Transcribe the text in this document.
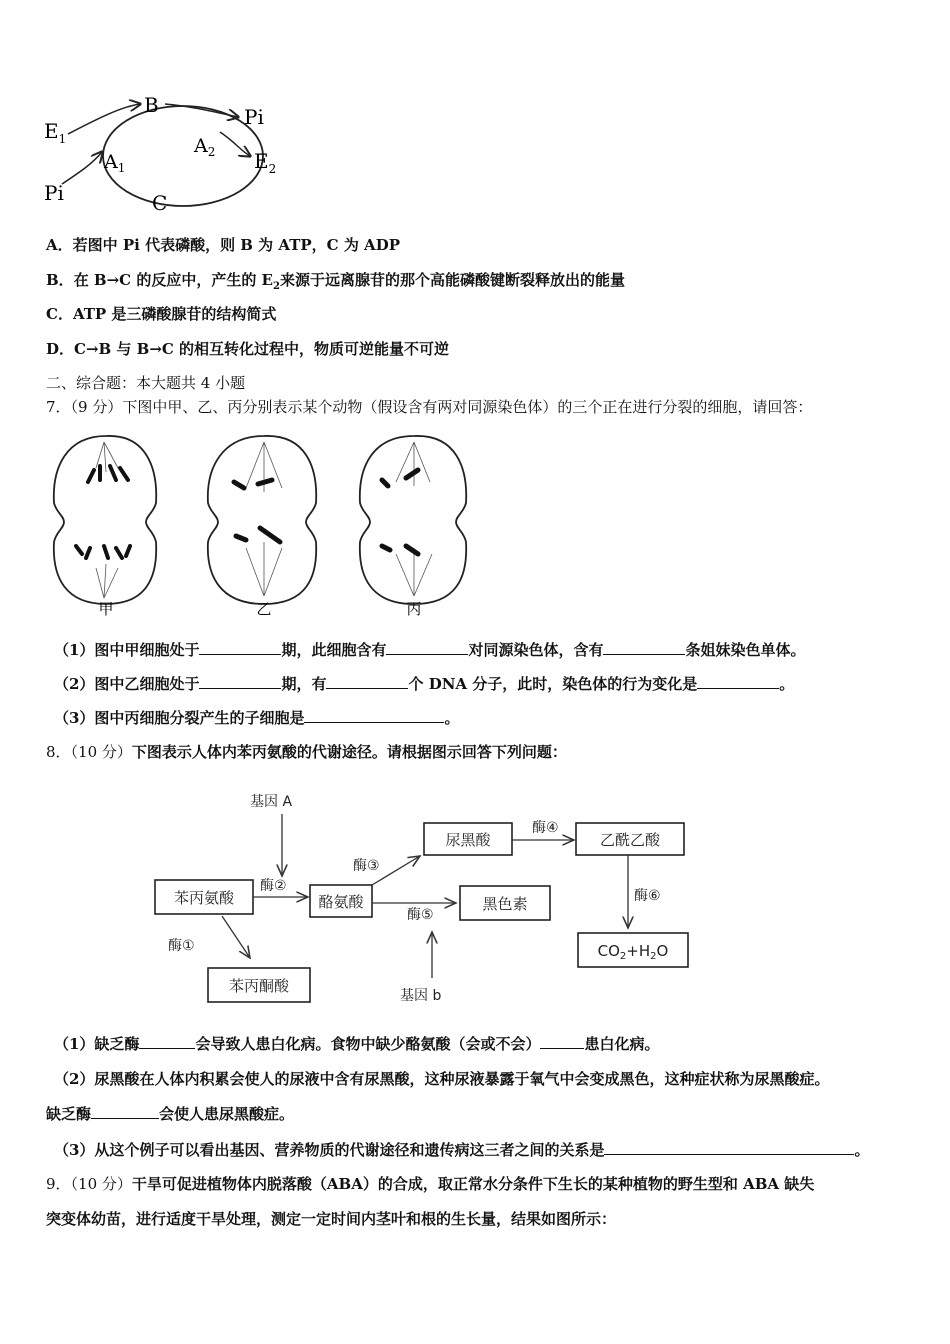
B
C
$A_1$
$A_2$
$E_1$
$E_2$
Pi
Pi
A．若图中 Pi 代表磷酸，则 B 为 ATP，C 为 ADP
B．在 B→C 的反应中，产生的 $E_2$来源于远离腺苷的那个高能磷酸键断裂释放出的能量
C．ATP 是三磷酸腺苷的结构简式
D．C→B 与 B→C 的相互转化过程中，物质可逆能量不可逆
二、综合题：本大题共 4 小题
7．（9 分）下图中甲、乙、丙分别表示某个动物（假设含有两对同源染色体）的三个正在进行分裂的细胞，请回答：
甲	乙	丙
（1）图中甲细胞处于	期，此细胞含有	对同源染色体，含有	条姐妹染色单体。
（2）图中乙细胞处于	期，有	个 DNA 分子，此时，染色体的行为变化是	。
（3）图中丙细胞分裂产生的子细胞是	。
8．（10 分）下图表示人体内苯丙氨酸的代谢途径。请根据图示回答下列问题：
基因 A
酶②
苯丙氨酸	酪氨酸
酶③
尿黑酸
酶④
乙酰乙酸
酶⑥
$CO_2+H_2O$
酶⑤
黑色素
基因 b
酶①
苯丙酮酸
（1）缺乏酶	会导致人患白化病。食物中缺少酪氨酸（会或不会）	患白化病。
（2）尿黑酸在人体内积累会使人的尿液中含有尿黑酸，这种尿液暴露于氧气中会变成黑色，这种症状称为尿黑酸症。
缺乏酶	会使人患尿黑酸症。
（3）从这个例子可以看出基因、营养物质的代谢途径和遗传病这三者之间的关系是	。
9．（10 分）干旱可促进植物体内脱落酸（ABA）的合成，取正常水分条件下生长的某种植物的野生型和 ABA 缺失
突变体幼苗，进行适度干旱处理，测定一定时间内茎叶和根的生长量，结果如图所示：
